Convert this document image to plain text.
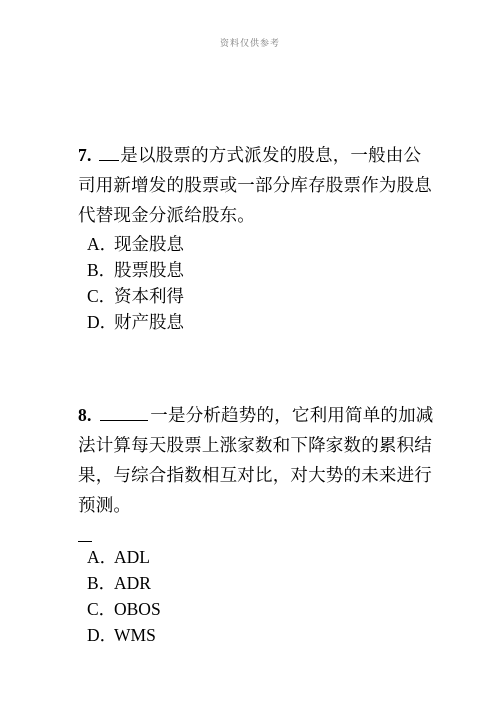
资料仅供参考

7. 是以股票的方式派发的股息，一般由公司用新增发的股票或一部分库存股票作为股息代替现金分派给股东。

A．现金股息
B．股票股息
C．资本利得
D．财产股息

8.	一是分析趋势的，它利用简单的加减法计算每天股票上涨家数和下降家数的累积结果，与综合指数相互对比，对大势的未来进行预测。

A．ADL
B．ADR
C．OBOS
D．WMS
